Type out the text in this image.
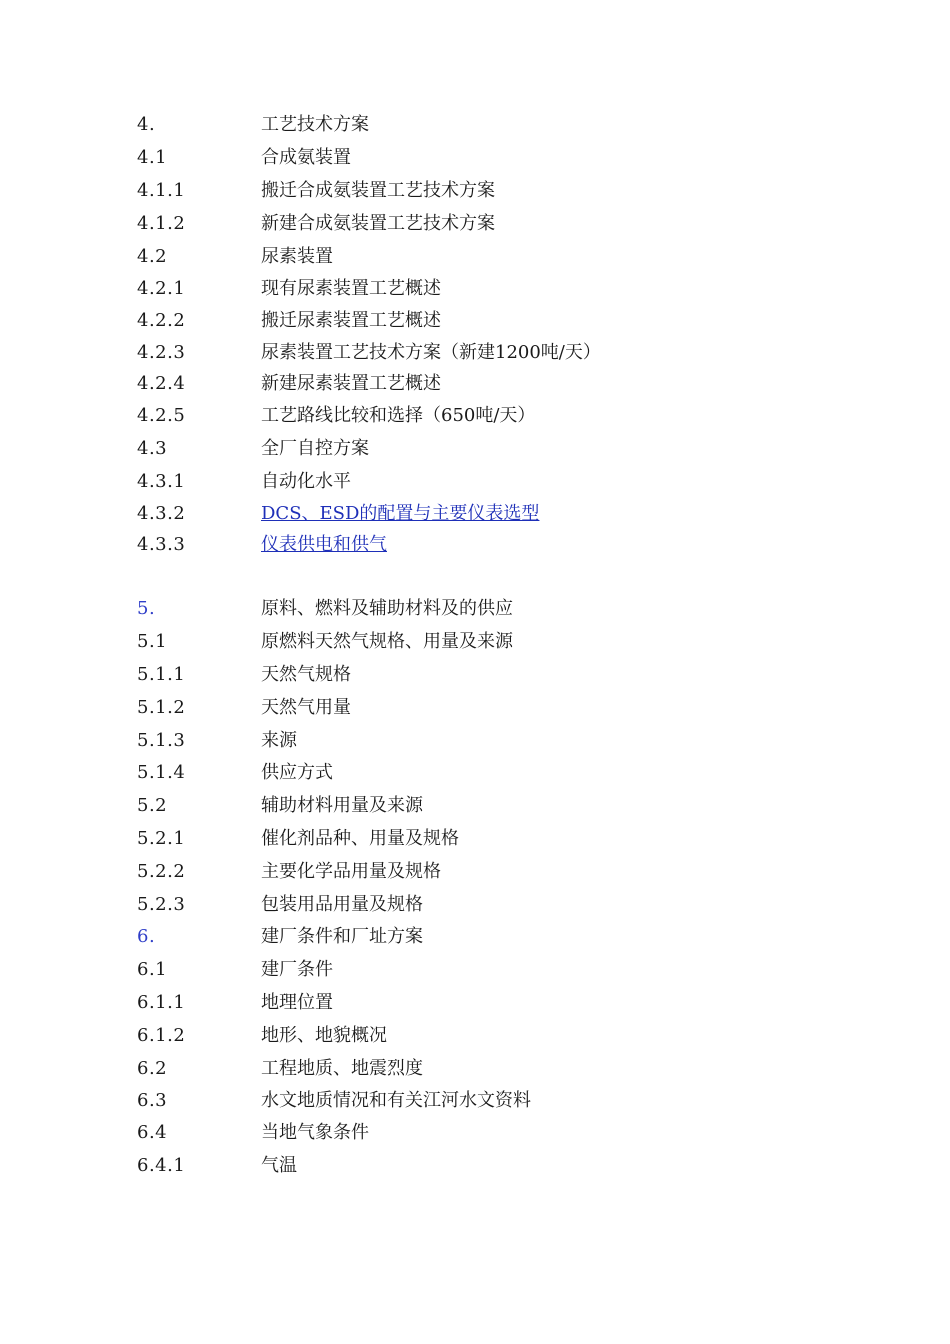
4.	工艺技术方案
4.1	合成氨装置
4.1.1	搬迁合成氨装置工艺技术方案
4.1.2	新建合成氨装置工艺技术方案
4.2	尿素装置
4.2.1	现有尿素装置工艺概述
4.2.2	搬迁尿素装置工艺概述
4.2.3	尿素装置工艺技术方案（新建1200吨/天）
4.2.4	新建尿素装置工艺概述
4.2.5	工艺路线比较和选择（650吨/天）
4.3	全厂自控方案
4.3.1	自动化水平
4.3.2	DCS、ESD的配置与主要仪表选型
4.3.3	仪表供电和供气
5.	原料、燃料及辅助材料及的供应
5.1	原燃料天然气规格、用量及来源
5.1.1	天然气规格
5.1.2	天然气用量
5.1.3	来源
5.1.4	供应方式
5.2	辅助材料用量及来源
5.2.1	催化剂品种、用量及规格
5.2.2	主要化学品用量及规格
5.2.3	包装用品用量及规格
6.	建厂条件和厂址方案
6.1	建厂条件
6.1.1	地理位置
6.1.2	地形、地貌概况
6.2	工程地质、地震烈度
6.3	水文地质情况和有关江河水文资料
6.4	当地气象条件
6.4.1	气温
